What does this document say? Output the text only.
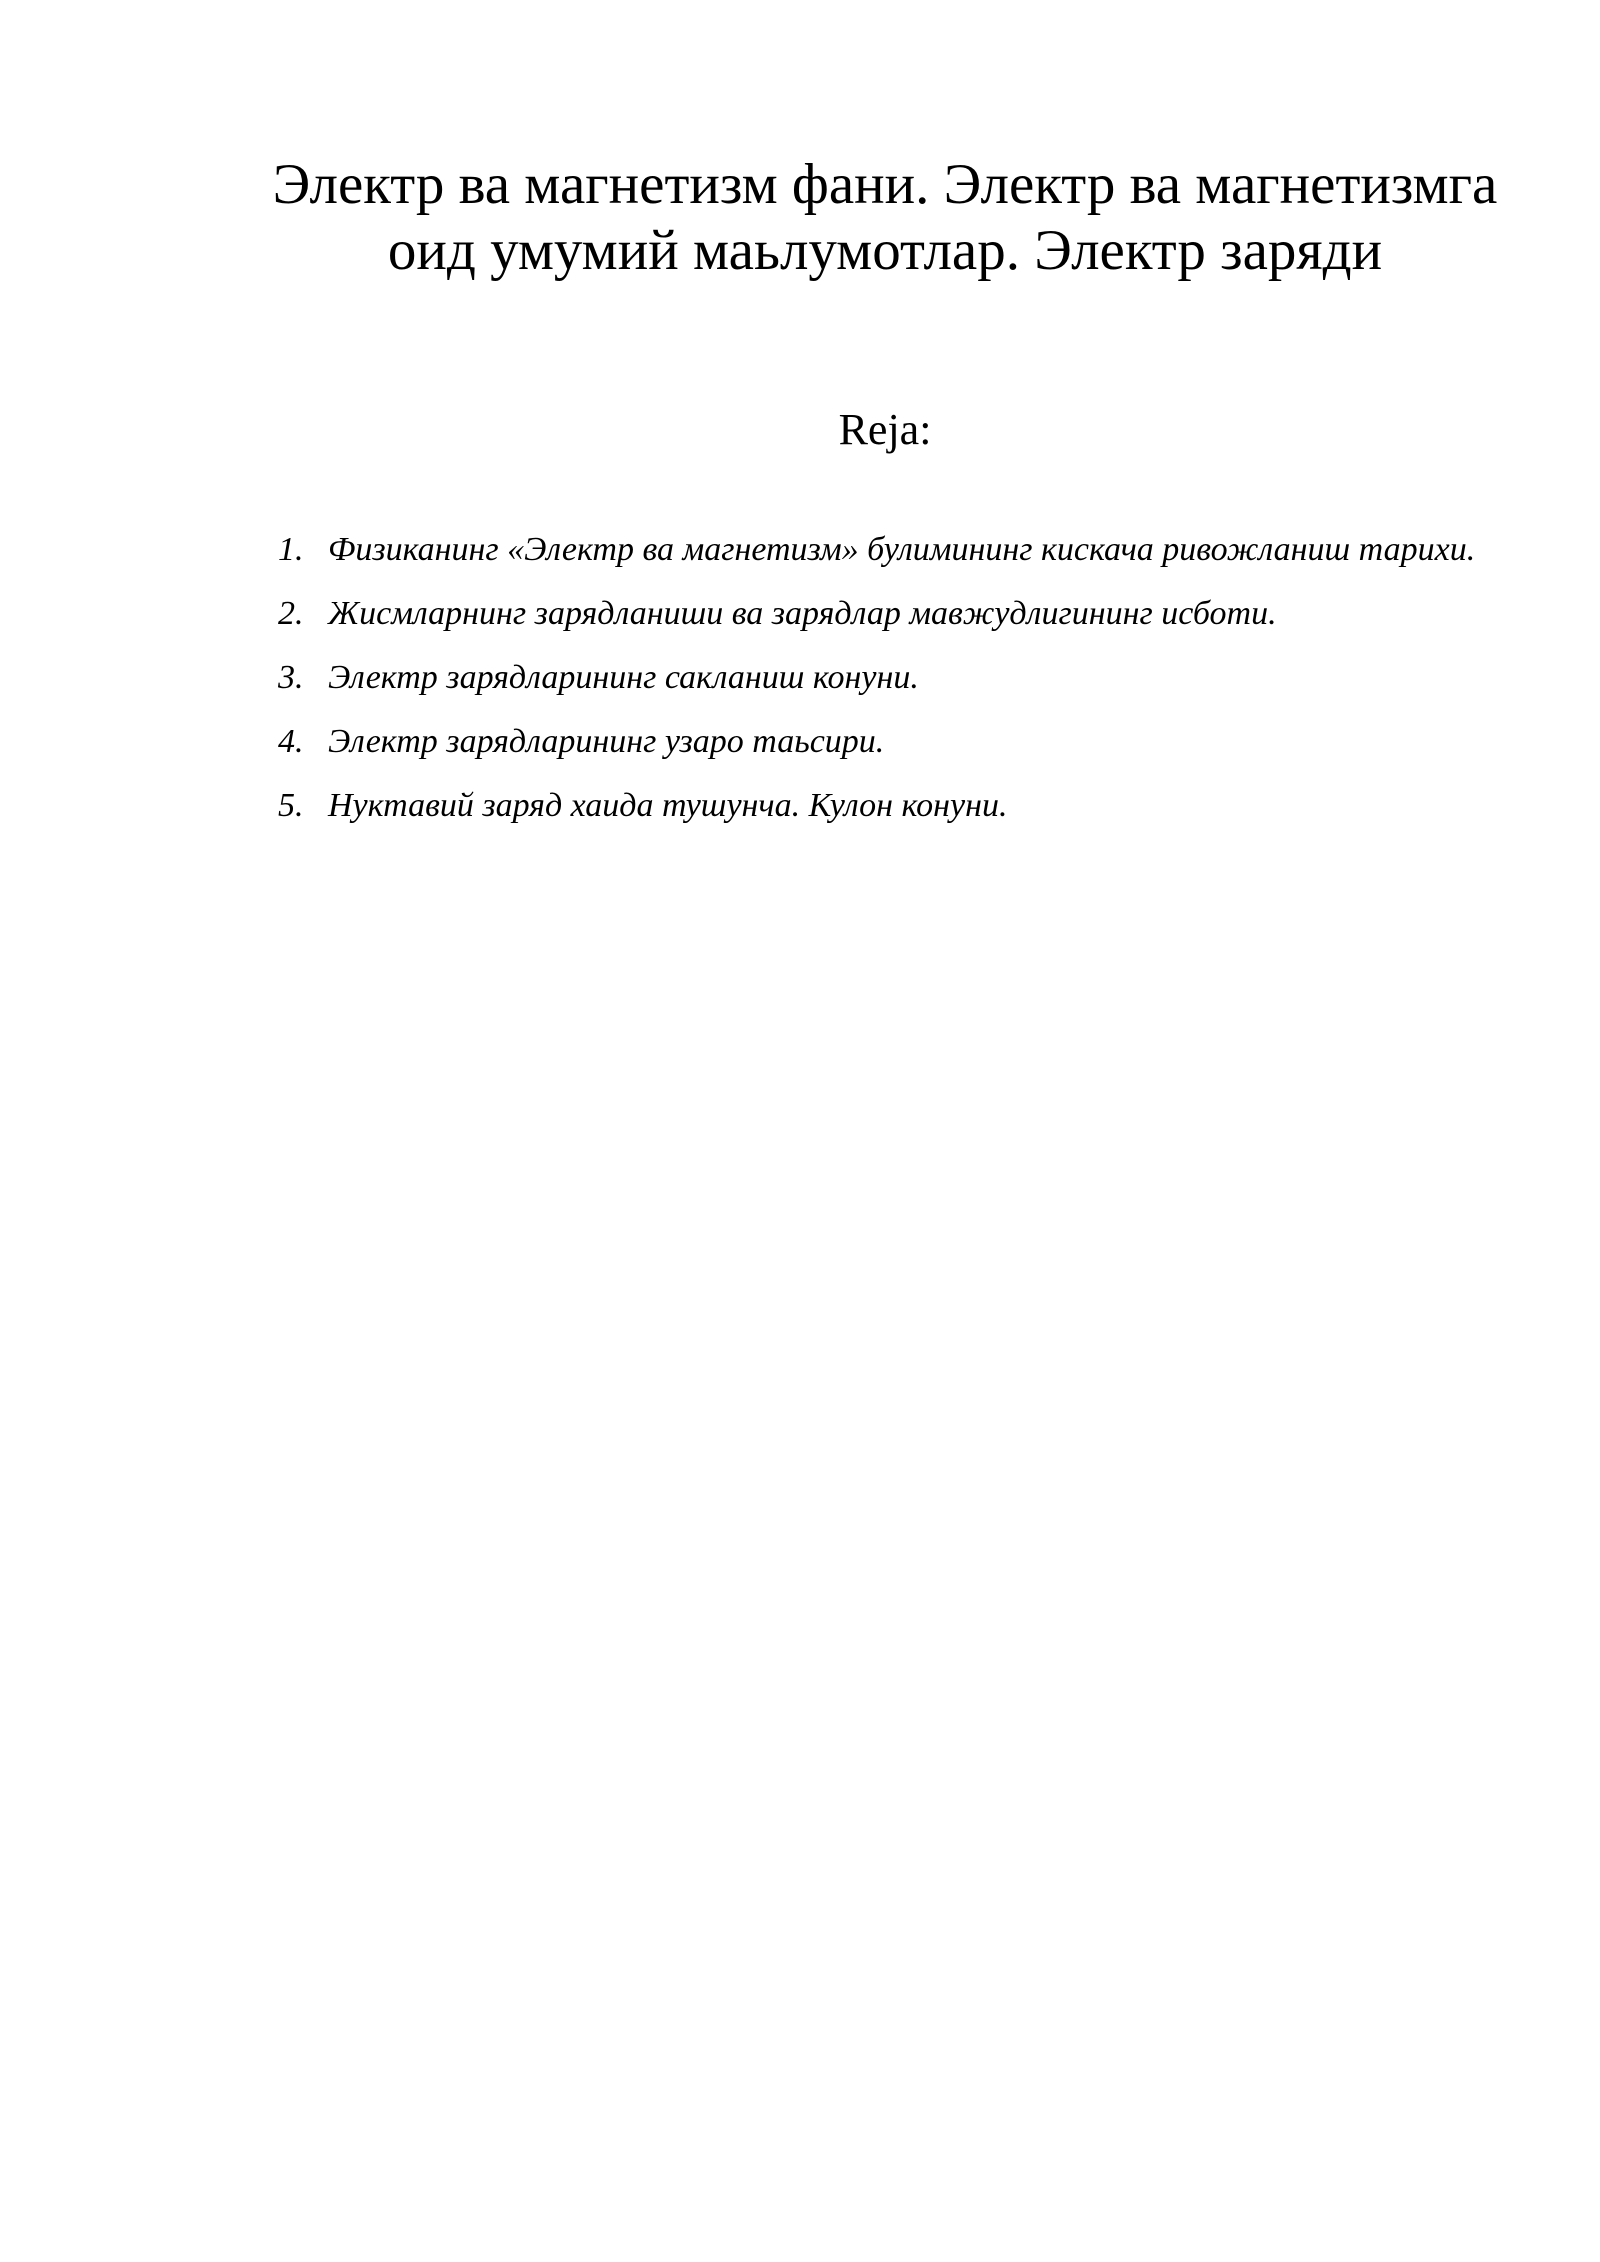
Электр ва магнетизм фани. Электр ва магнетизмга оид умумий маьлумотлар. Электр заряди
Reja:
1. Физиканинг «Электр ва магнетизм» булимининг кискача ривожланиш тарихи.
2. Жисмларнинг зарядланиши ва зарядлар мавжудлигининг исботи.
3. Электр зарядларининг сакланиш конуни.
4. Электр зарядларининг узаро таьсири.
5. Нуктавий заряд хаида тушунча. Кулон конуни.
